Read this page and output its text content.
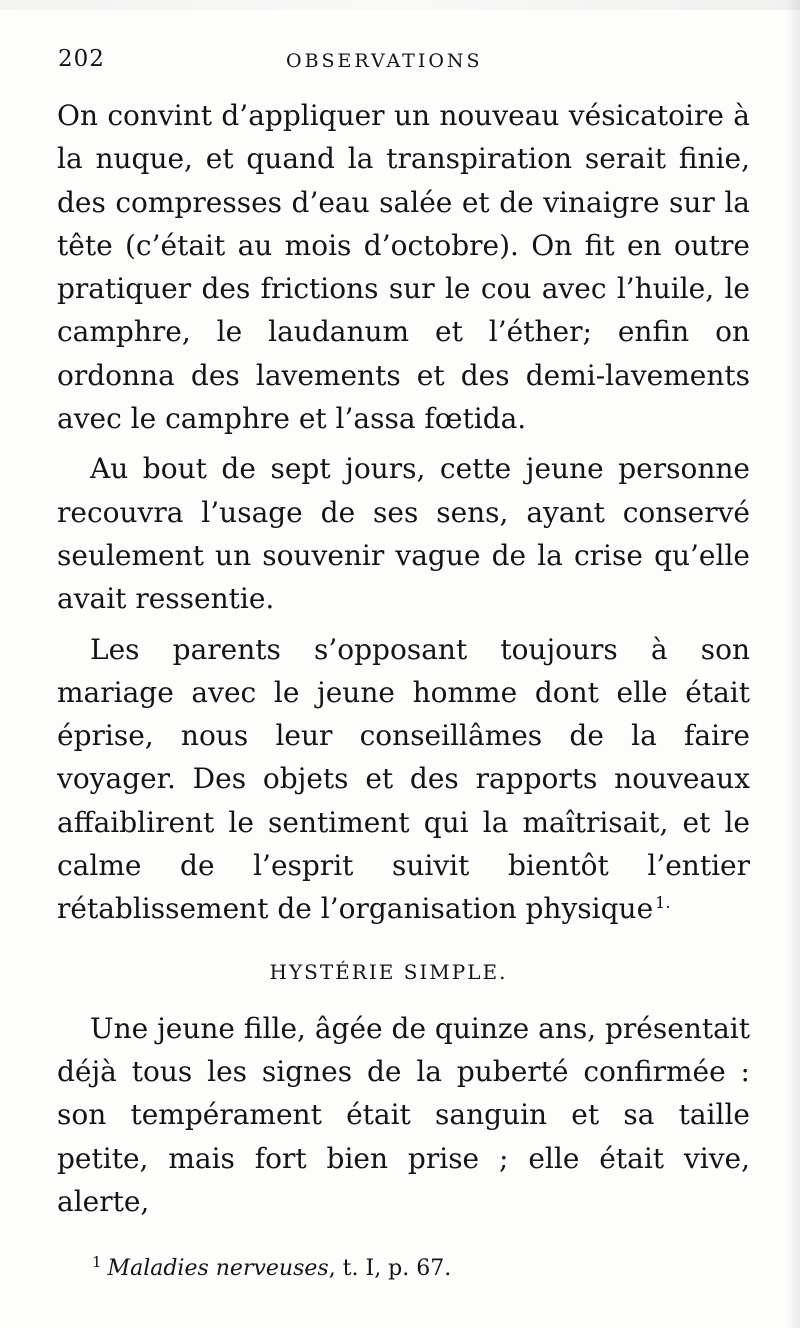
202	OBSERVATIONS

On convint d’appliquer un nouveau vésicatoire à la nuque, et quand la transpiration serait finie, des compresses d’eau salée et de vinaigre sur la tête (c’était au mois d’octobre). On fit en outre pratiquer des frictions sur le cou avec l’huile, le camphre, le laudanum et l’éther; enfin on ordonna des lavements et des demi-lavements avec le camphre et l’assa fœtida.

Au bout de sept jours, cette jeune personne recouvra l’usage de ses sens, ayant conservé seulement un souvenir vague de la crise qu’elle avait ressentie.

Les parents s’opposant toujours à son mariage avec le jeune homme dont elle était éprise, nous leur conseillâmes de la faire voyager. Des objets et des rapports nouveaux affaiblirent le sentiment qui la maîtrisait, et le calme de l’esprit suivit bientôt l’entier rétablissement de l’organisation physique $^{1.}$

HYSTÉRIE SIMPLE.

Une jeune fille, âgée de quinze ans, présentait déjà tous les signes de la puberté confirmée : son tempérament était sanguin et sa taille petite, mais fort bien prise ; elle était vive, alerte,

$^1$ Maladies nerveuses, t. I, p. 67.
